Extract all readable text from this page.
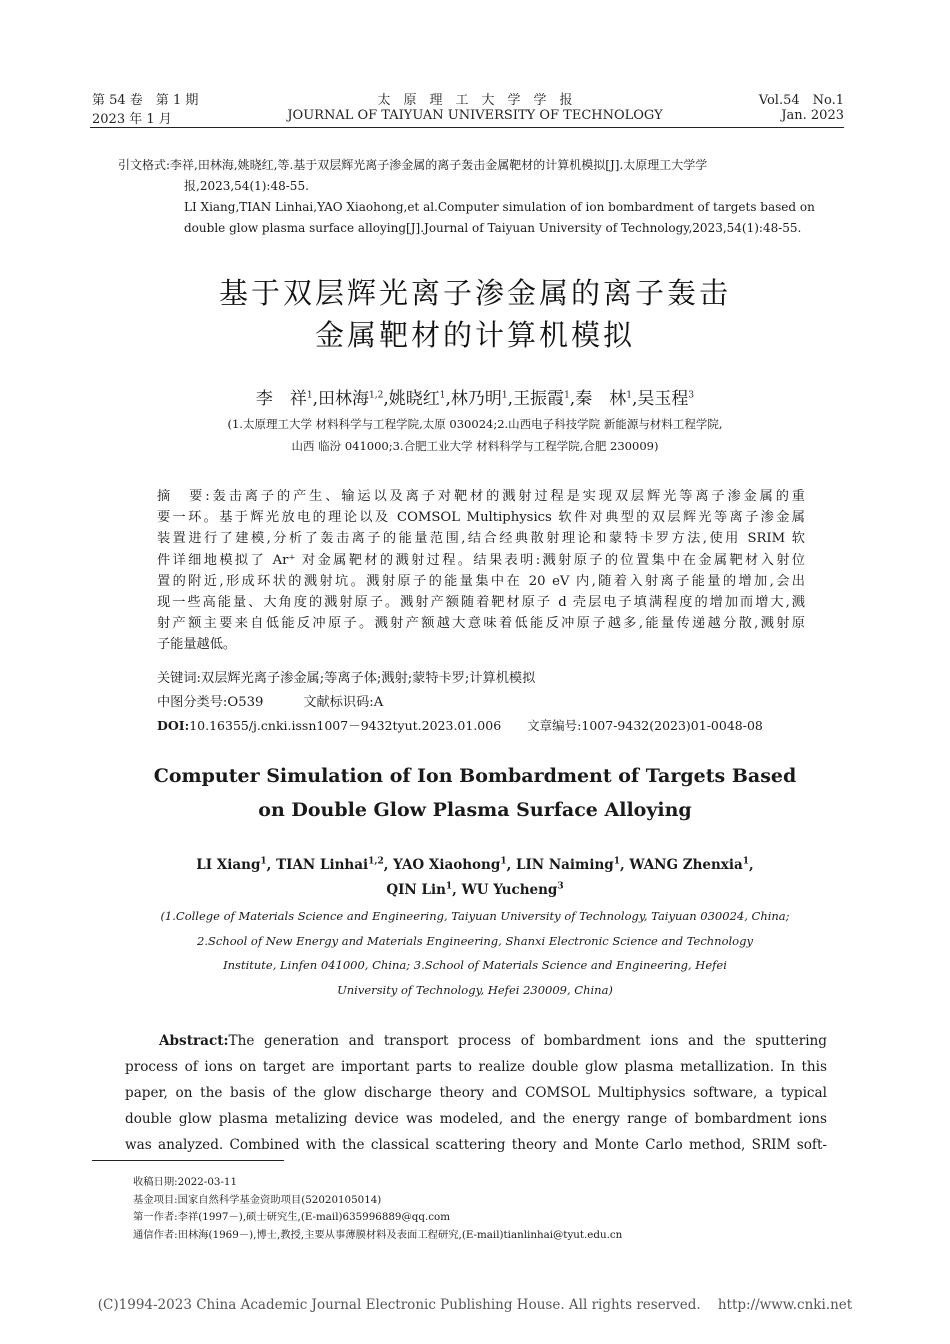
第 54 卷　第 1 期
2023 年 1 月
太　原　理　工　大　学　学　报
JOURNAL OF TAIYUAN UNIVERSITY OF TECHNOLOGY
Vol.54　No.1
Jan. 2023
引文格式:李祥,田林海,姚晓红,等.基于双层辉光离子渗金属的离子轰击金属靶材的计算机模拟[J].太原理工大学学
报,2023,54(1):48-55.
LI Xiang,TIAN Linhai,YAO Xiaohong,et al.Computer simulation of ion bombardment of targets based on
double glow plasma surface alloying[J].Journal of Taiyuan University of Technology,2023,54(1):48-55.
基于双层辉光离子渗金属的离子轰击
金属靶材的计算机模拟
李　祥$^1$,田林海$^{1,2}$,姚晓红$^1$,林乃明$^1$,王振霞$^1$,秦　林$^1$,吴玉程$^3$
(1.太原理工大学 材料科学与工程学院,太原 030024;2.山西电子科技学院 新能源与材料工程学院,
山西 临汾 041000;3.合肥工业大学 材料科学与工程学院,合肥 230009)
摘　要:轰击离子的产生、输运以及离子对靶材的溅射过程是实现双层辉光等离子渗金属的重
要一环。基于辉光放电的理论以及 COMSOL Multiphysics 软件对典型的双层辉光等离子渗金属
装置进行了建模,分析了轰击离子的能量范围,结合经典散射理论和蒙特卡罗方法,使用 SRIM 软
件详细地模拟了 Ar⁺ 对金属靶材的溅射过程。结果表明:溅射原子的位置集中在金属靶材入射位
置的附近,形成环状的溅射坑。溅射原子的能量集中在 20 eV 内,随着入射离子能量的增加,会出
现一些高能量、大角度的溅射原子。溅射产额随着靶材原子 d 壳层电子填满程度的增加而增大,溅
射产额主要来自低能反冲原子。溅射产额越大意味着低能反冲原子越多,能量传递越分散,溅射原
子能量越低。
关键词:双层辉光离子渗金属;等离子体;溅射;蒙特卡罗;计算机模拟
中图分类号:O539	文献标识码:A
DOI:10.16355/j.cnki.issn1007－9432tyut.2023.01.006 文章编号:1007-9432(2023)01-0048-08
Computer Simulation of Ion Bombardment of Targets Based
on Double Glow Plasma Surface Alloying
LI Xiang$^1$, TIAN Linhai$^{1,2}$, YAO Xiaohong$^1$, LIN Naiming$^1$, WANG Zhenxia$^1$,
QIN Lin$^1$, WU Yucheng$^3$
(1.College of Materials Science and Engineering, Taiyuan University of Technology, Taiyuan 030024, China;
2.School of New Energy and Materials Engineering, Shanxi Electronic Science and Technology
Institute, Linfen 041000, China; 3.School of Materials Science and Engineering, Hefei
University of Technology, Hefei 230009, China)
Abstract:The generation and transport process of bombardment ions and the sputtering
process of ions on target are important parts to realize double glow plasma metallization. In this
paper, on the basis of the glow discharge theory and COMSOL Multiphysics software, a typical
double glow plasma metalizing device was modeled, and the energy range of bombardment ions
was analyzed. Combined with the classical scattering theory and Monte Carlo method, SRIM soft-
收稿日期:2022-03-11
基金项目:国家自然科学基金资助项目(52020105014)
第一作者:李祥(1997－),硕士研究生,(E-mail)635996889@qq.com
通信作者:田林海(1969－),博士,教授,主要从事薄膜材料及表面工程研究,(E-mail)tianlinhai@tyut.edu.cn
(C)1994-2023 China Academic Journal Electronic Publishing House. All rights reserved.    http://www.cnki.net
